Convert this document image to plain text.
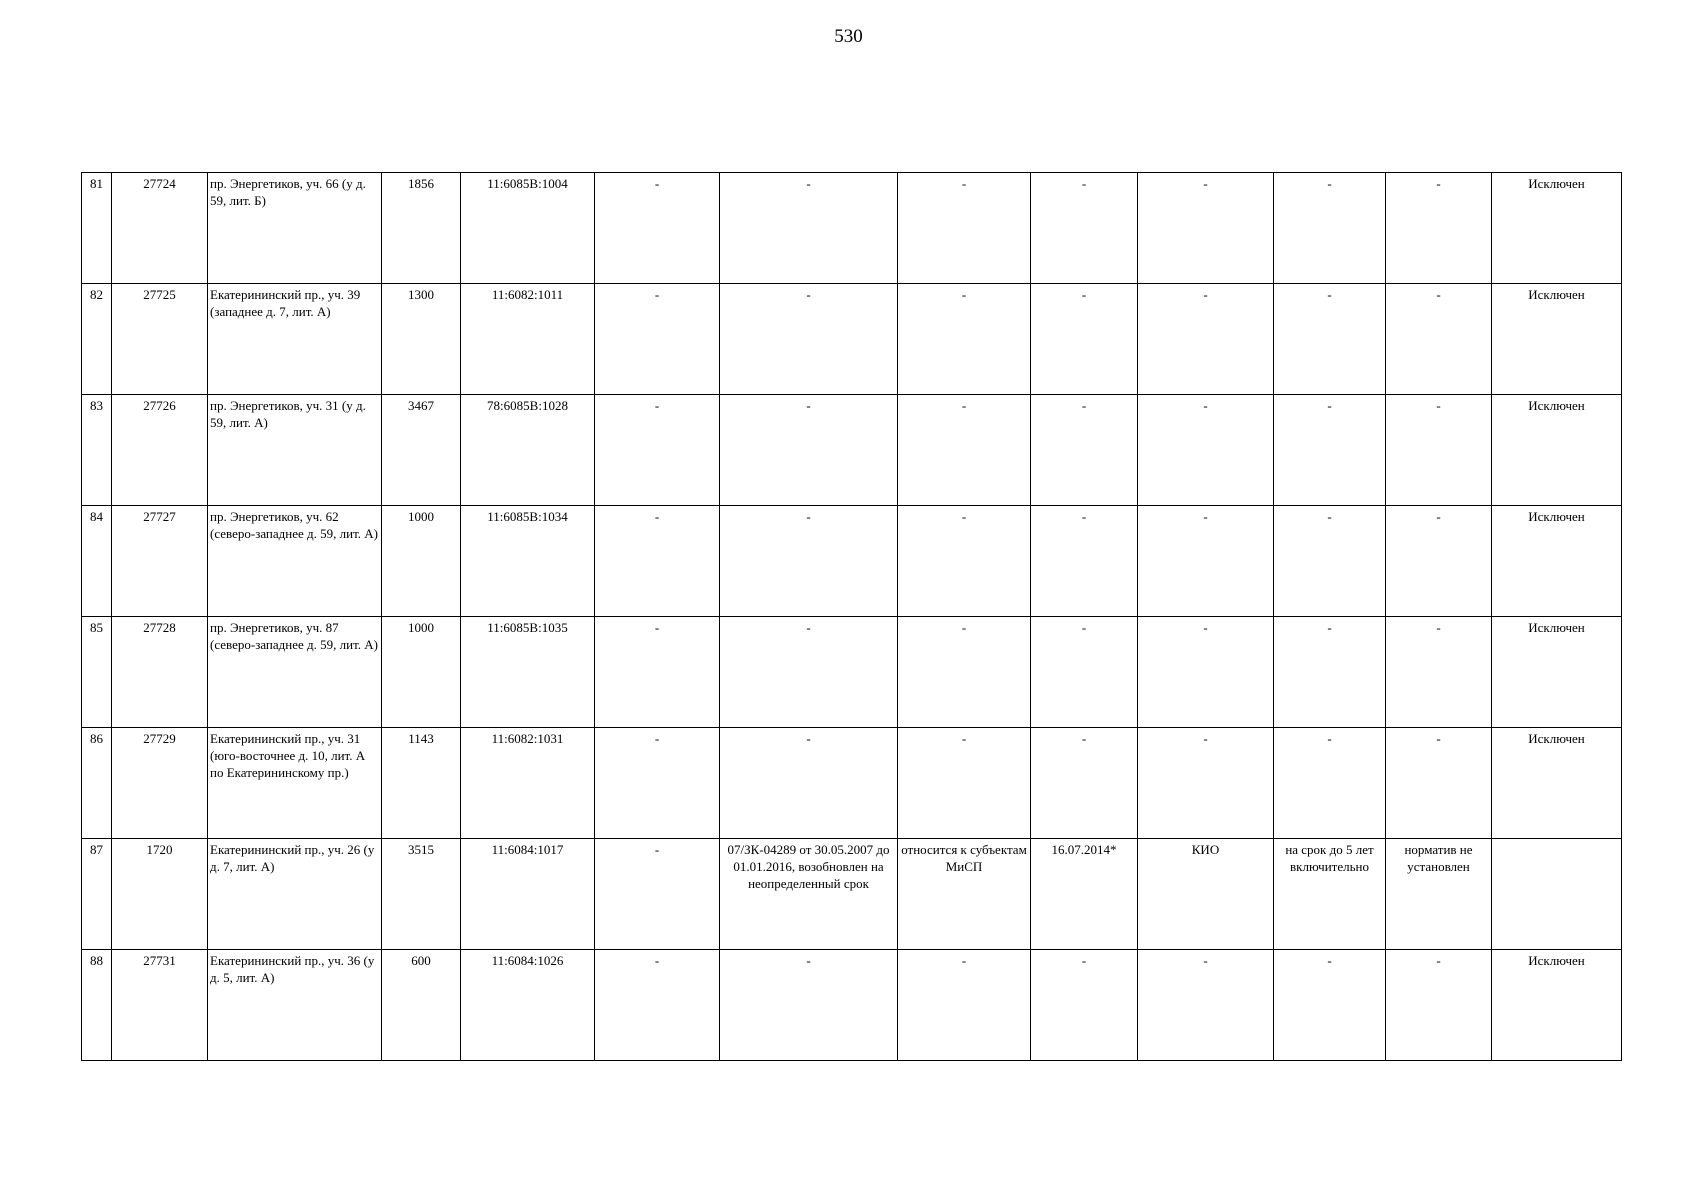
530
81	27724	пр. Энергетиков, уч. 66 (у д. 59, лит. Б)	1856	11:6085В:1004	-	-	-	-	-	-	-	Исключен
82	27725	Екатерининский пр., уч. 39 (западнее д. 7, лит. А)	1300	11:6082:1011	-	-	-	-	-	-	-	Исключен
83	27726	пр. Энергетиков, уч. 31 (у д. 59, лит. А)	3467	78:6085В:1028	-	-	-	-	-	-	-	Исключен
84	27727	пр. Энергетиков, уч. 62 (северо-западнее д. 59, лит. А)	1000	11:6085В:1034	-	-	-	-	-	-	-	Исключен
85	27728	пр. Энергетиков, уч. 87 (северо-западнее д. 59, лит. А)	1000	11:6085В:1035	-	-	-	-	-	-	-	Исключен
86	27729	Екатерининский пр., уч. 31 (юго-восточнее д. 10, лит. А по Екатерининскому пр.)	1143	11:6082:1031	-	-	-	-	-	-	-	Исключен
87	1720	Екатерининский пр., уч. 26 (у д. 7, лит. А)	3515	11:6084:1017	-	07/ЗК-04289 от 30.05.2007 до 01.01.2016, возобновлен на неопределенный срок	относится к субъектам МиСП	16.07.2014*	КИО	на срок до 5 лет включительно	норматив не установлен	
88	27731	Екатерининский пр., уч. 36 (у д. 5, лит. А)	600	11:6084:1026	-	-	-	-	-	-	-	Исключен
